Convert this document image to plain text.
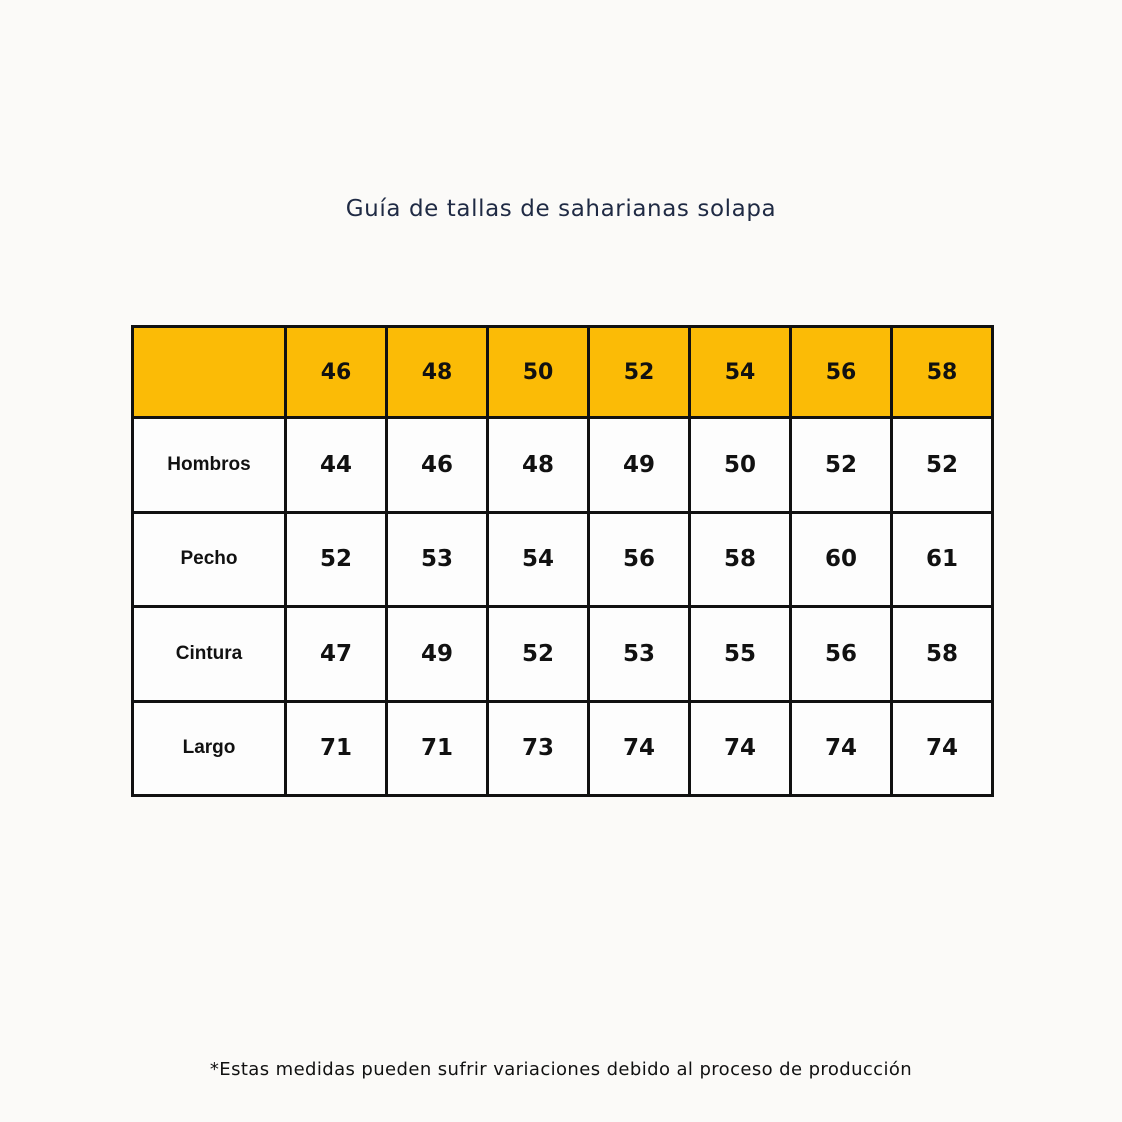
Guía de tallas de saharianas solapa
	46	48	50	52	54	56	58
Hombros	44	46	48	49	50	52	52
Pecho	52	53	54	56	58	60	61
Cintura	47	49	52	53	55	56	58
Largo	71	71	73	74	74	74	74
*Estas medidas pueden sufrir variaciones debido al proceso de producción
